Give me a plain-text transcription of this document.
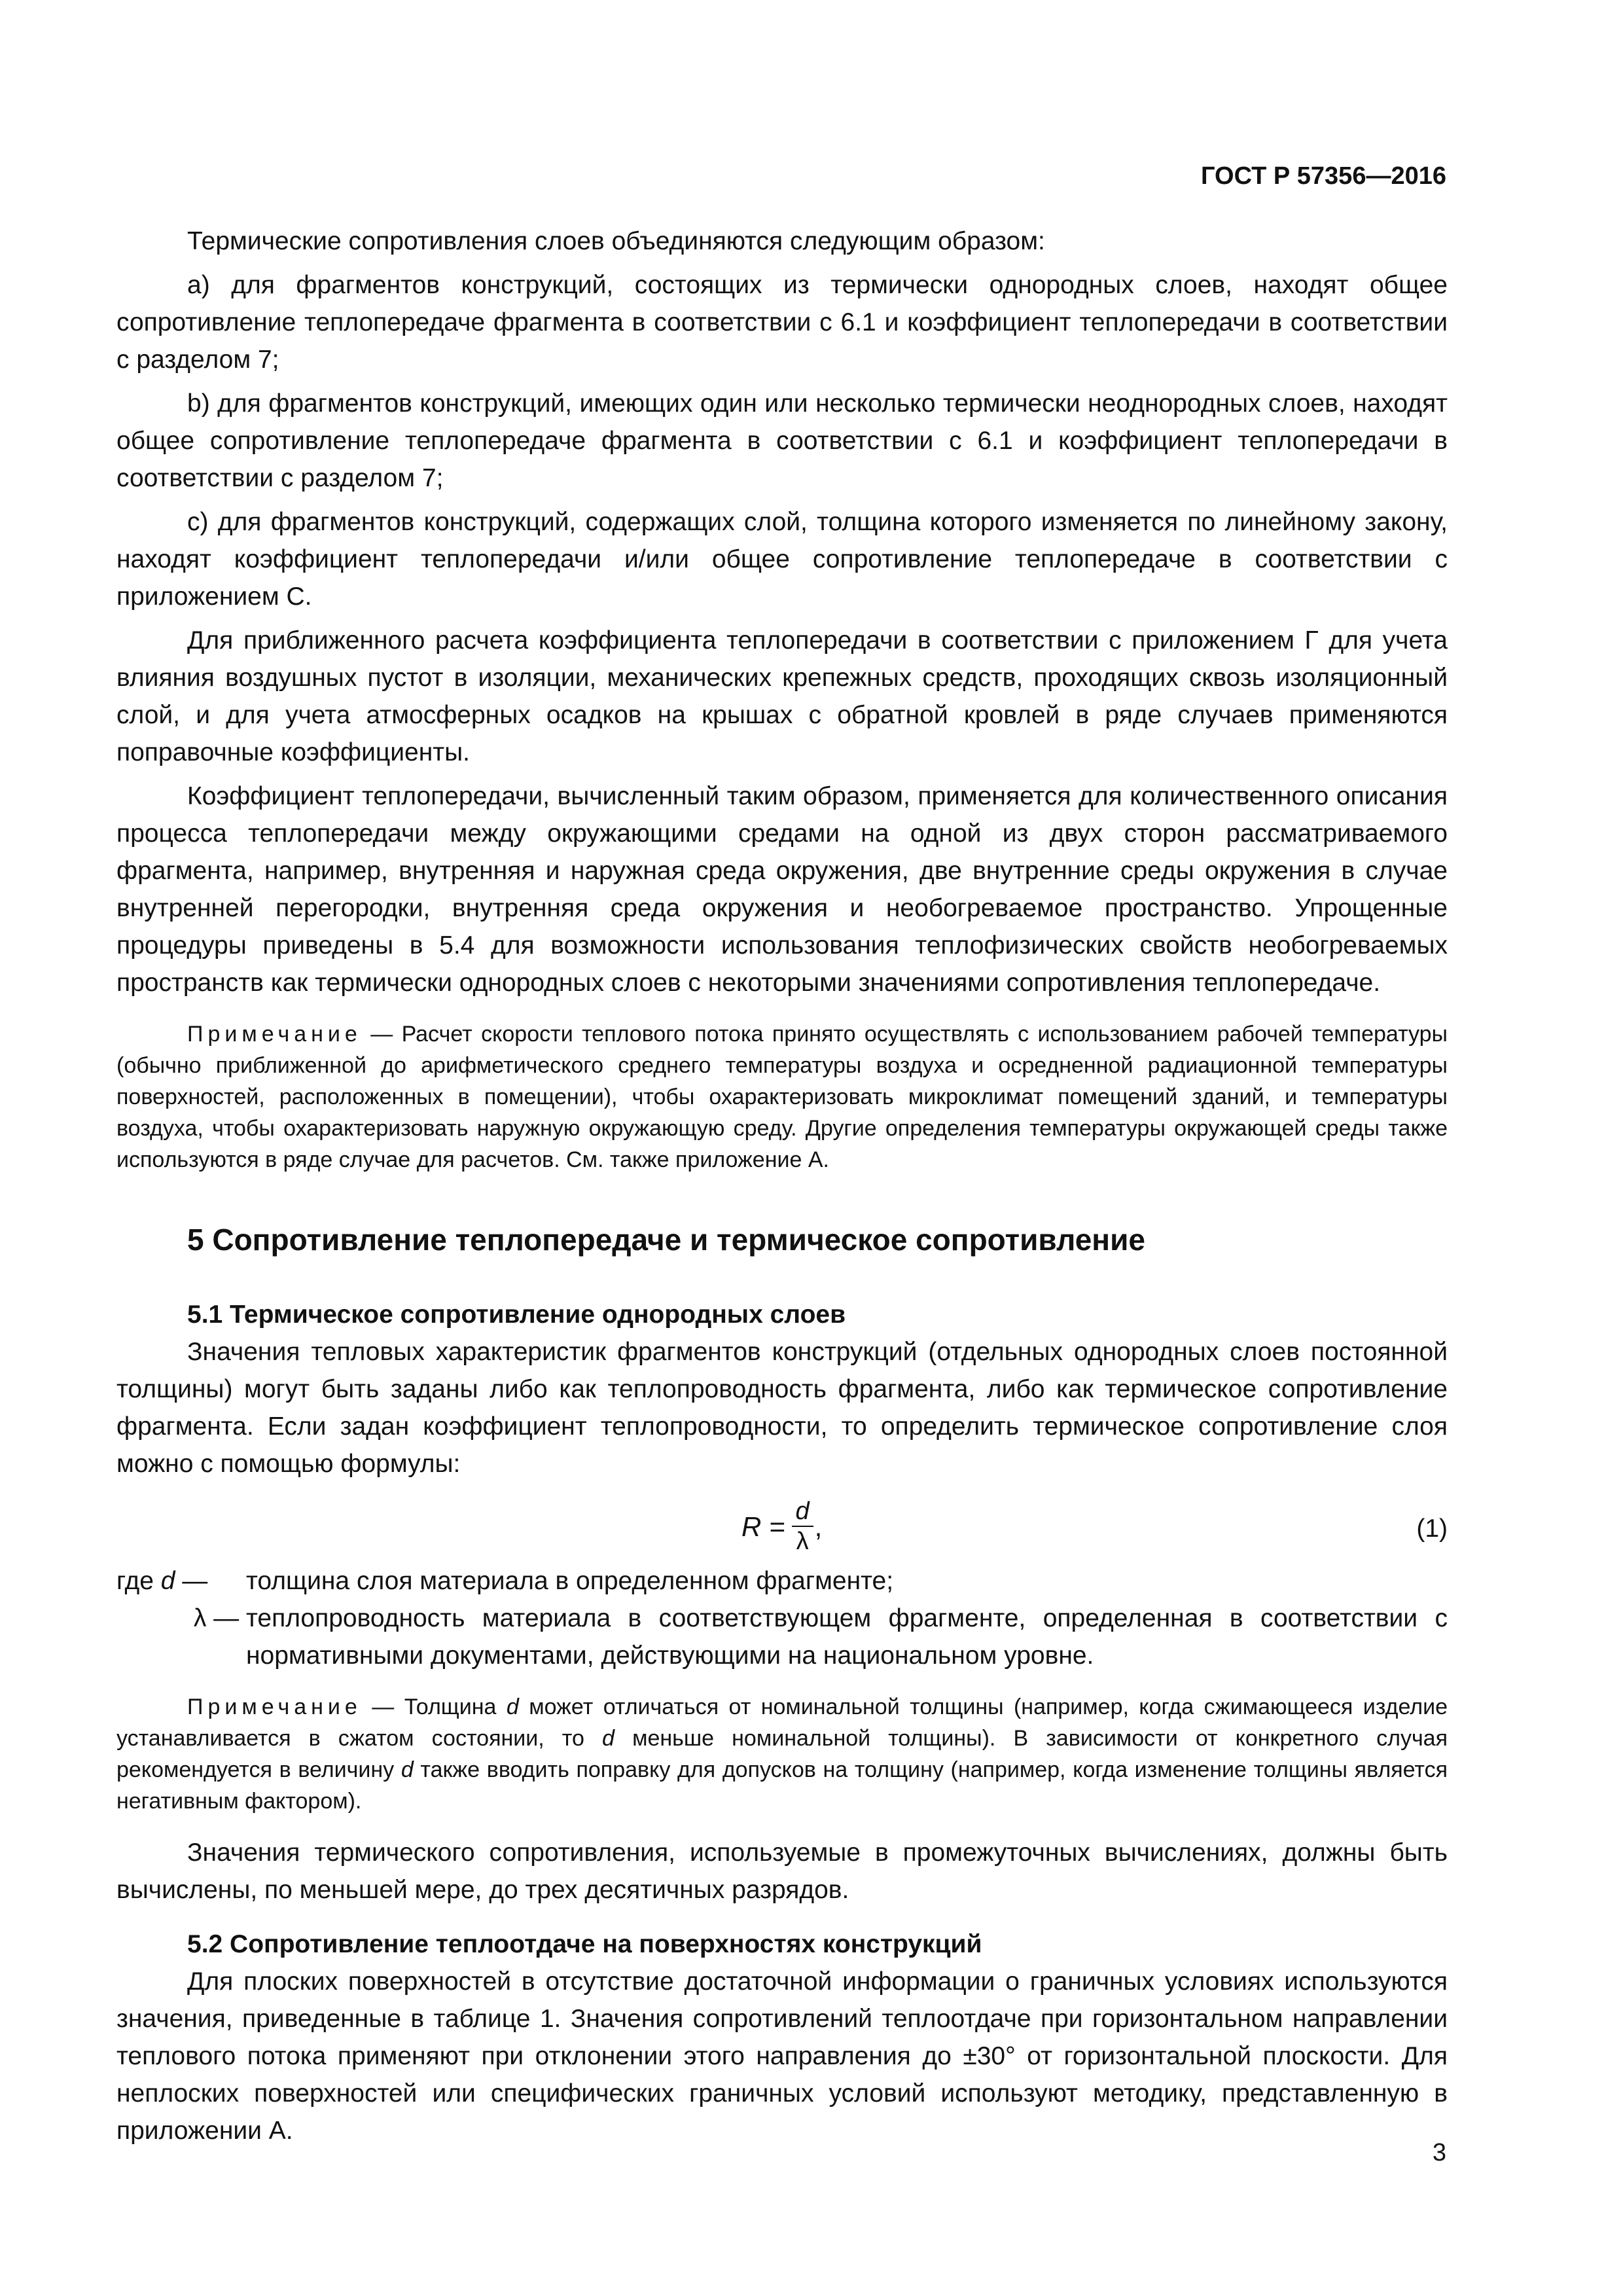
ГОСТ Р 57356—2016

Термические сопротивления слоев объединяются следующим образом:

а) для фрагментов конструкций, состоящих из термически однородных слоев, находят общее сопротивление теплопередаче фрагмента в соответствии с 6.1 и коэффициент теплопередачи в соответствии с разделом 7;

b) для фрагментов конструкций, имеющих один или несколько термически неоднородных слоев, находят общее сопротивление теплопередаче фрагмента в соответствии с 6.1 и коэффициент теплопередачи в соответствии с разделом 7;

c) для фрагментов конструкций, содержащих слой, толщина которого изменяется по линейному закону, находят коэффициент теплопередачи и/или общее сопротивление теплопередаче в соответствии с приложением С.

Для приближенного расчета коэффициента теплопередачи в соответствии с приложением Г для учета влияния воздушных пустот в изоляции, механических крепежных средств, проходящих сквозь изоляционный слой, и для учета атмосферных осадков на крышах с обратной кровлей в ряде случаев применяются поправочные коэффициенты.

Коэффициент теплопередачи, вычисленный таким образом, применяется для количественного описания процесса теплопередачи между окружающими средами на одной из двух сторон рассматриваемого фрагмента, например, внутренняя и наружная среда окружения, две внутренние среды окружения в случае внутренней перегородки, внутренняя среда окружения и необогреваемое пространство. Упрощенные процедуры приведены в 5.4 для возможности использования теплофизических свойств необогреваемых пространств как термически однородных слоев с некоторыми значениями сопротивления теплопередаче.

Примечание — Расчет скорости теплового потока принято осуществлять с использованием рабочей температуры (обычно приближенной до арифметического среднего температуры воздуха и осредненной радиационной температуры поверхностей, расположенных в помещении), чтобы охарактеризовать микроклимат помещений зданий, и температуры воздуха, чтобы охарактеризовать наружную окружающую среду. Другие определения температуры окружающей среды также используются в ряде случае для расчетов. См. также приложение А.

5 Сопротивление теплопередаче и термическое сопротивление
5.1 Термическое сопротивление однородных слоев

Значения тепловых характеристик фрагментов конструкций (отдельных однородных слоев постоянной толщины) могут быть заданы либо как теплопроводность фрагмента, либо как термическое сопротивление фрагмента. Если задан коэффициент теплопроводности, то определить термическое сопротивление слоя можно с помощью формулы:

$R = \frac{d}{\lambda}$ ,	(1)
где d —	толщина слоя материала в определенном фрагменте;
λ — теплопроводность материала в соответствующем фрагменте, определенная в соответствии с нормативными документами, действующими на национальном уровне.

Примечание — Толщина d может отличаться от номинальной толщины (например, когда сжимающееся изделие устанавливается в сжатом состоянии, то d меньше номинальной толщины). В зависимости от конкретного случая рекомендуется в величину d также вводить поправку для допусков на толщину (например, когда изменение толщины является негативным фактором).

Значения термического сопротивления, используемые в промежуточных вычислениях, должны быть вычислены, по меньшей мере, до трех десятичных разрядов.

5.2 Сопротивление теплоотдаче на поверхностях конструкций

Для плоских поверхностей в отсутствие достаточной информации о граничных условиях используются значения, приведенные в таблице 1. Значения сопротивлений теплоотдаче при горизонтальном направлении теплового потока применяют при отклонении этого направления до ±30° от горизонтальной плоскости. Для неплоских поверхностей или специфических граничных условий используют методику, представленную в приложении А.

3
